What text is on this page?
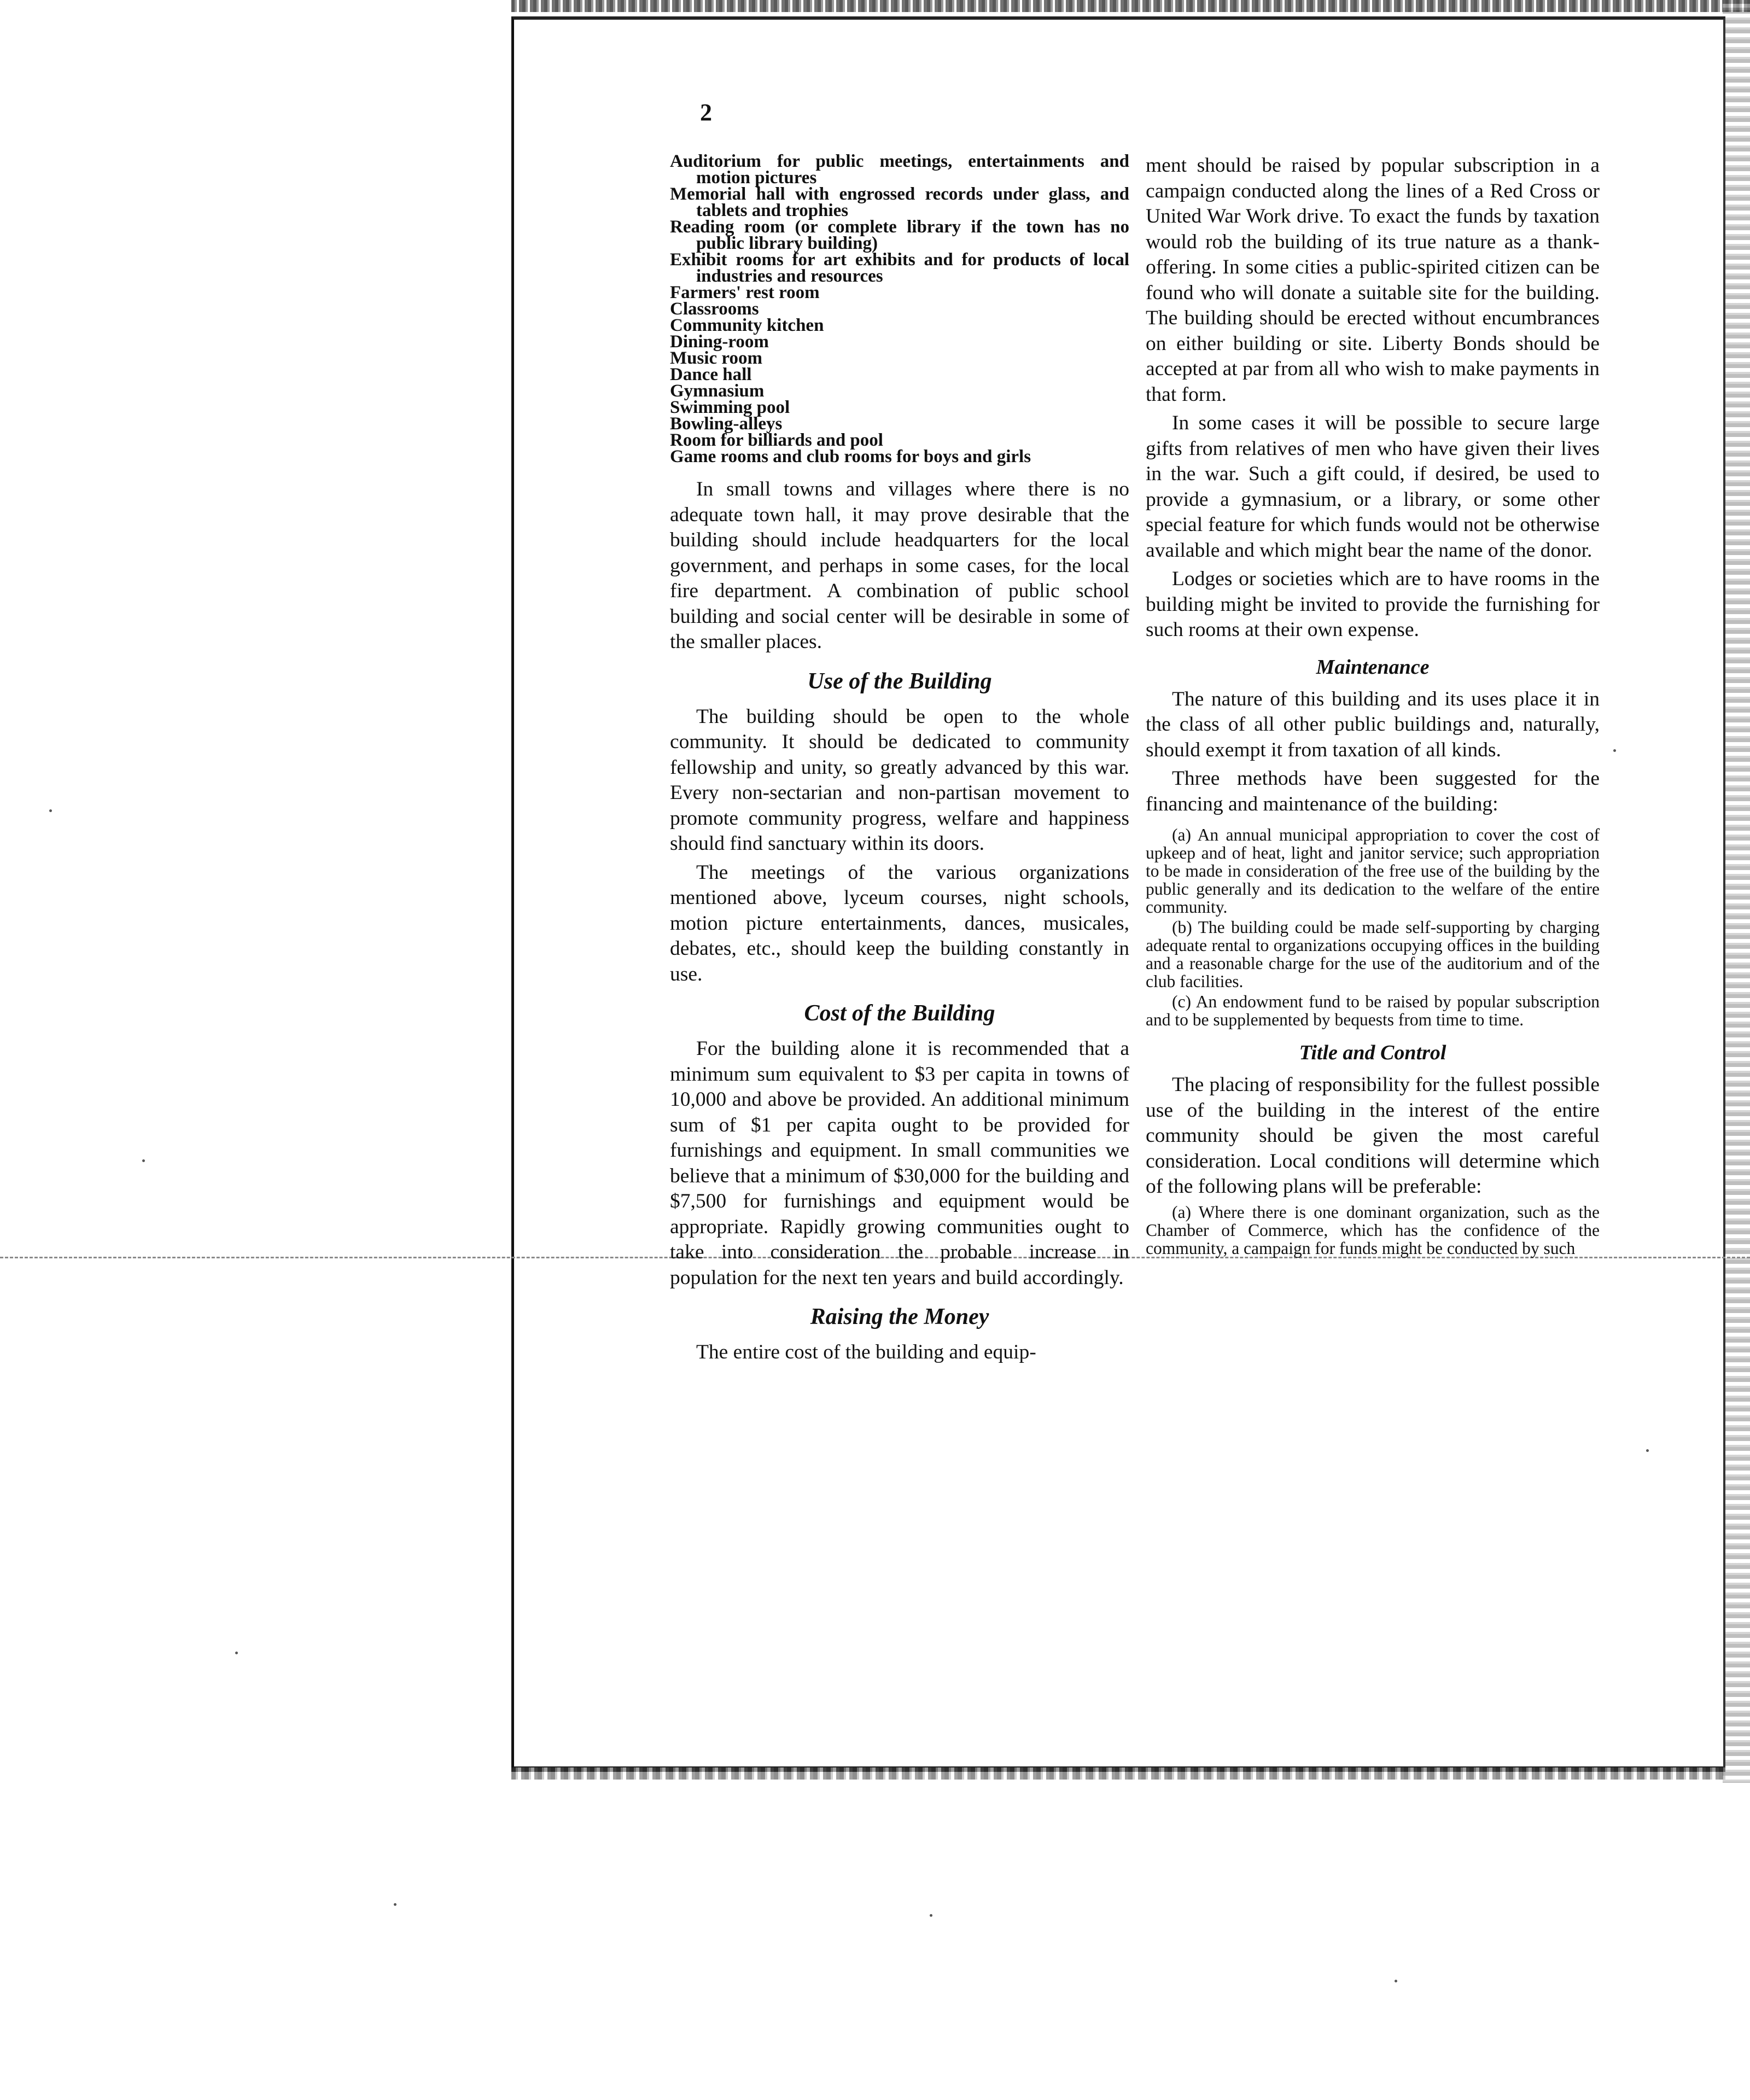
2

Auditorium for public meetings, entertainments and motion pictures

Memorial hall with engrossed records under glass, and tablets and trophies

Reading room (or complete library if the town has no public library building)

Exhibit rooms for art exhibits and for products of local industries and resources

Farmers' rest room

Classrooms

Community kitchen

Dining-room

Music room

Dance hall

Gymnasium

Swimming pool

Bowling-alleys

Room for billiards and pool

Game rooms and club rooms for boys and girls

In small towns and villages where there is no adequate town hall, it may prove desirable that the building should include headquarters for the local government, and perhaps in some cases, for the local fire department. A combination of public school building and social center will be desirable in some of the smaller places.

Use of the Building

The building should be open to the whole community. It should be dedicated to community fellowship and unity, so greatly advanced by this war. Every non-sectarian and non-partisan movement to promote community progress, welfare and happiness should find sanctuary within its doors.

The meetings of the various organizations mentioned above, lyceum courses, night schools, motion picture entertainments, dances, musicales, debates, etc., should keep the building constantly in use.

Cost of the Building

For the building alone it is recommended that a minimum sum equivalent to $3 per capita in towns of 10,000 and above be provided. An additional minimum sum of $1 per capita ought to be provided for furnishings and equipment. In small communities we believe that a minimum of $30,000 for the building and $7,500 for furnishings and equipment would be appropriate. Rapidly growing communities ought to take into consideration the probable increase in population for the next ten years and build accordingly.

Raising the Money

The entire cost of the building and equip-

ment should be raised by popular subscription in a campaign conducted along the lines of a Red Cross or United War Work drive. To exact the funds by taxation would rob the building of its true nature as a thank-offering. In some cities a public-spirited citizen can be found who will donate a suitable site for the building. The building should be erected without encumbrances on either building or site. Liberty Bonds should be accepted at par from all who wish to make payments in that form.

In some cases it will be possible to secure large gifts from relatives of men who have given their lives in the war. Such a gift could, if desired, be used to provide a gymnasium, or a library, or some other special feature for which funds would not be otherwise available and which might bear the name of the donor.

Lodges or societies which are to have rooms in the building might be invited to provide the furnishing for such rooms at their own expense.

Maintenance

The nature of this building and its uses place it in the class of all other public buildings and, naturally, should exempt it from taxation of all kinds.

Three methods have been suggested for the financing and maintenance of the building:

(a) An annual municipal appropriation to cover the cost of upkeep and of heat, light and janitor service; such appropriation to be made in consideration of the free use of the building by the public generally and its dedication to the welfare of the entire community.

(b) The building could be made self-supporting by charging adequate rental to organizations occupying offices in the building and a reasonable charge for the use of the auditorium and of the club facilities.

(c) An endowment fund to be raised by popular subscription and to be supplemented by bequests from time to time.

Title and Control

The placing of responsibility for the fullest possible use of the building in the interest of the entire community should be given the most careful consideration. Local conditions will determine which of the following plans will be preferable:

(a) Where there is one dominant organization, such as the Chamber of Commerce, which has the confidence of the community, a campaign for funds might be conducted by such
